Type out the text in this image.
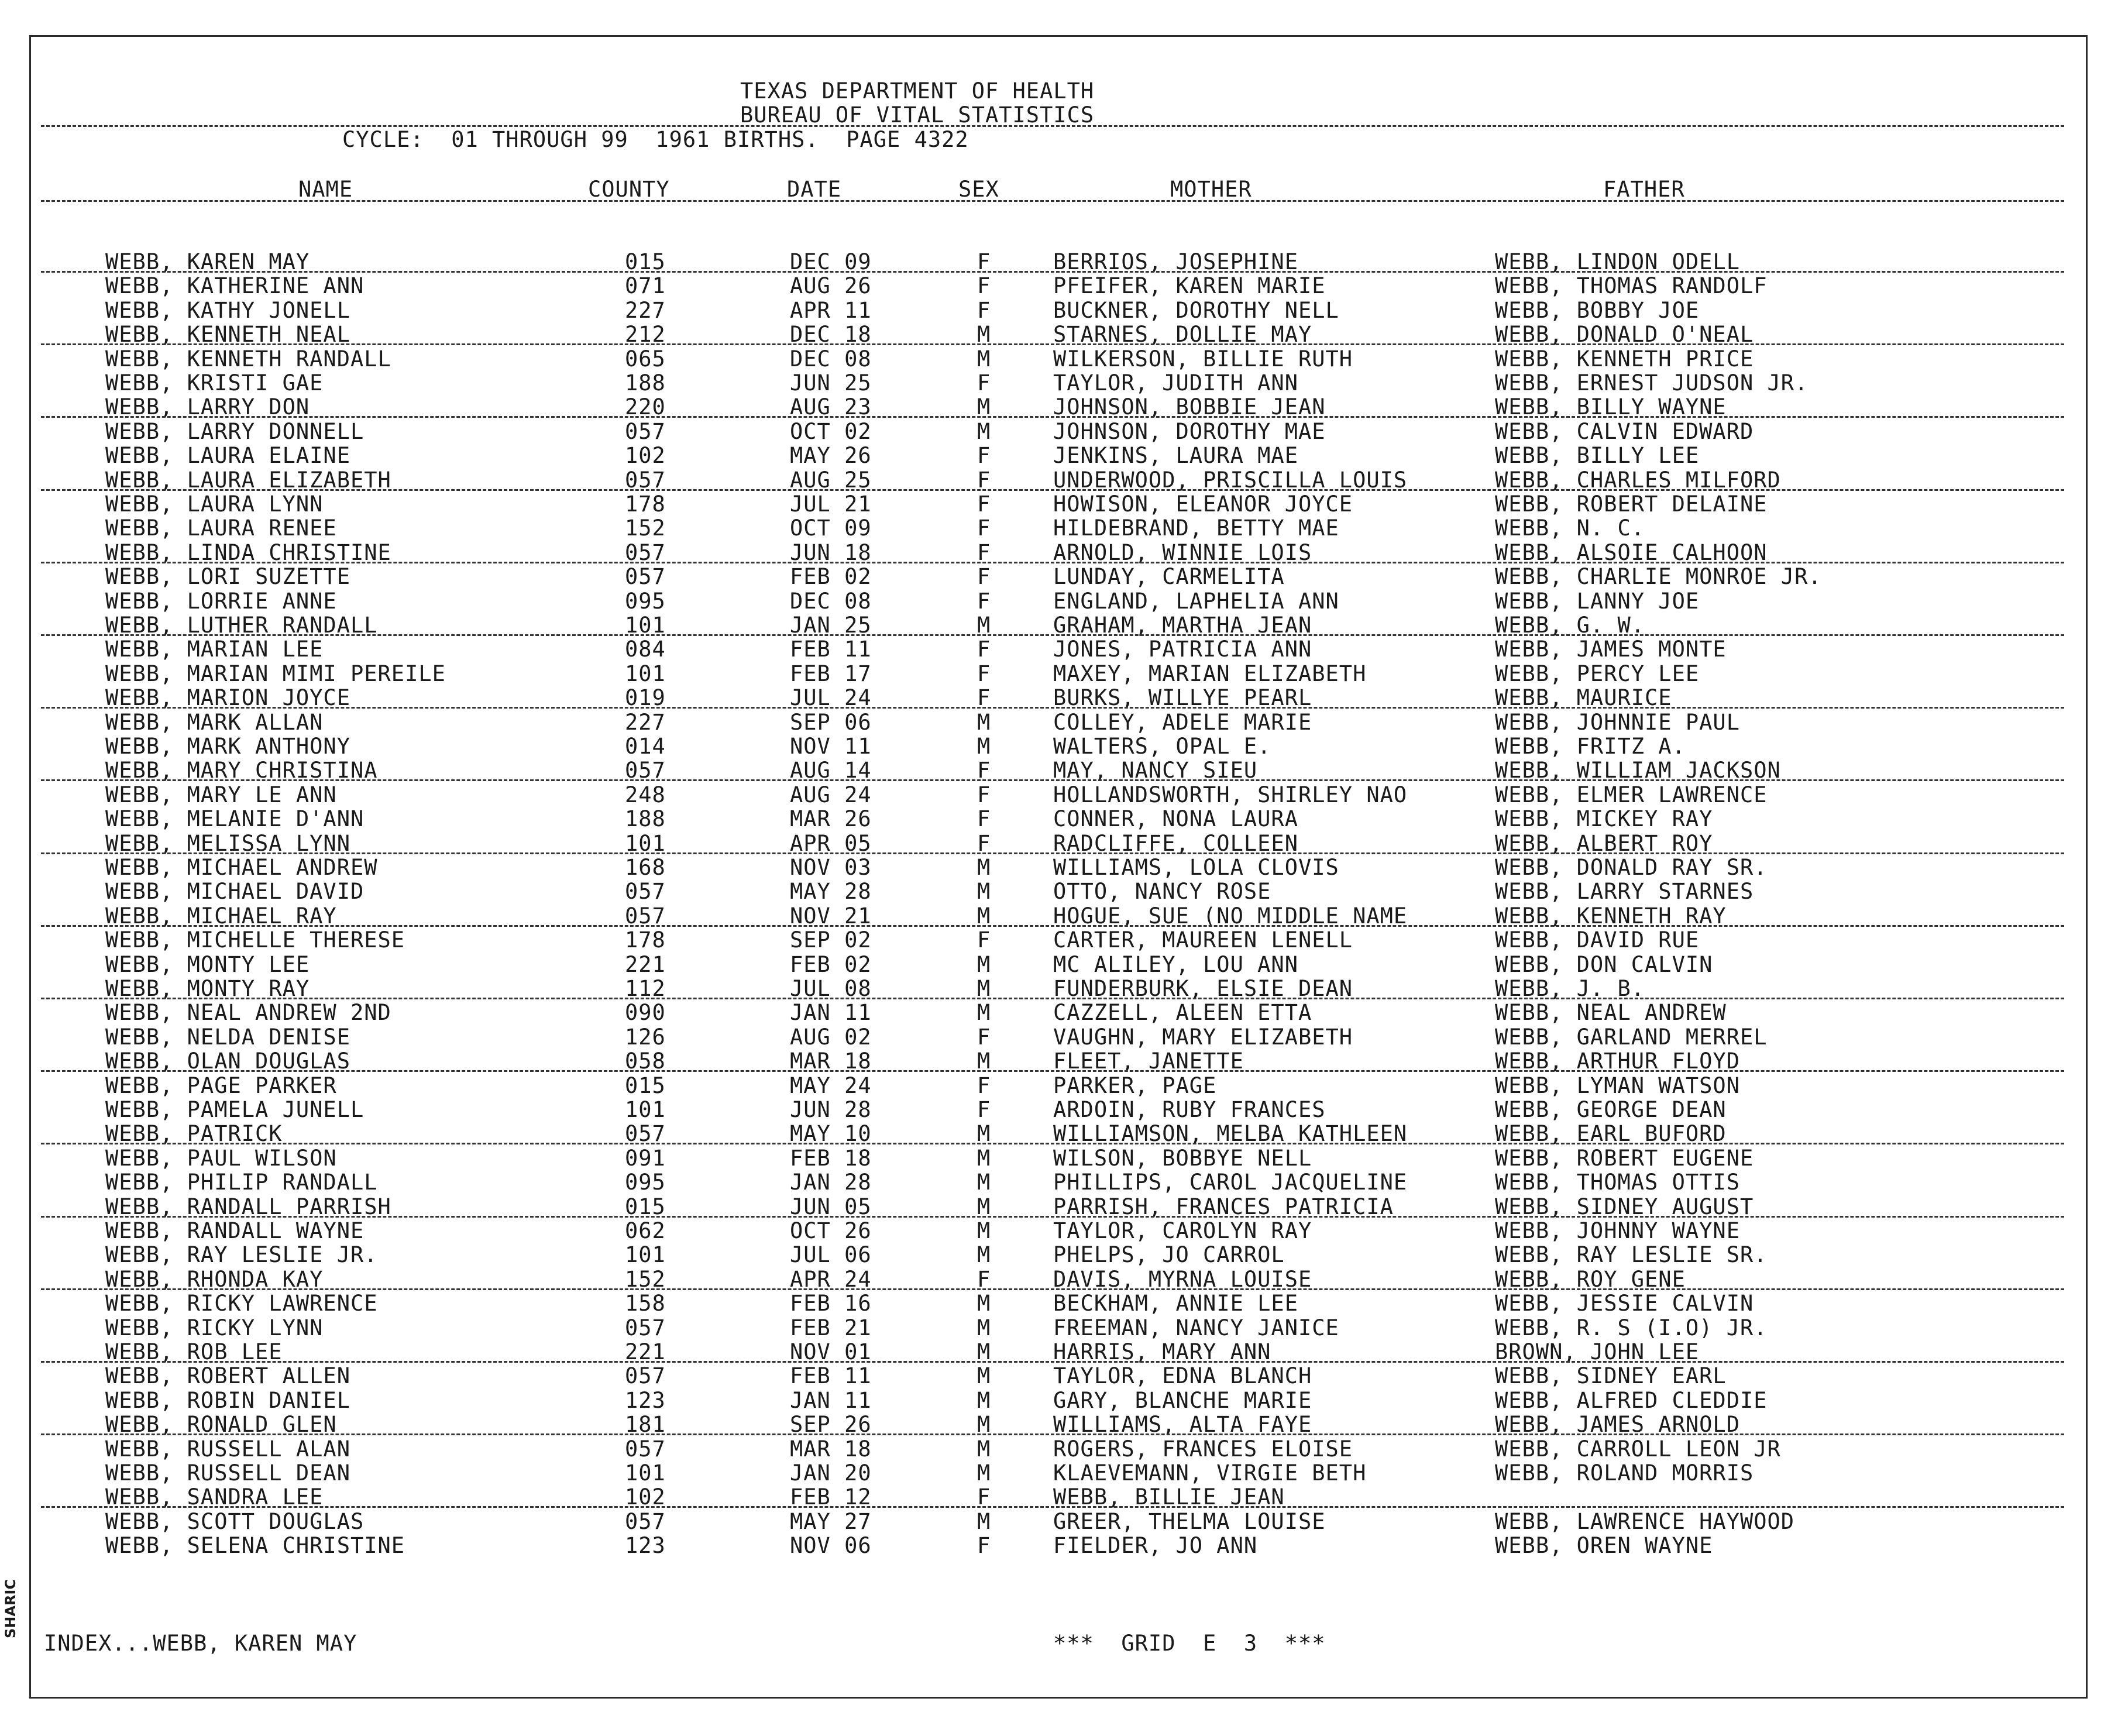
TEXAS DEPARTMENT OF HEALTH
BUREAU OF VITAL STATISTICS
CYCLE:  01 THROUGH 99  1961 BIRTHS.  PAGE 4322
NAME	COUNTY	DATE	SEX	MOTHER	FATHER
WEBB, KAREN MAY	015	DEC 09	F	BERRIOS, JOSEPHINE	WEBB, LINDON ODELL
WEBB, KATHERINE ANN	071	AUG 26	F	PFEIFER, KAREN MARIE	WEBB, THOMAS RANDOLF
WEBB, KATHY JONELL	227	APR 11	F	BUCKNER, DOROTHY NELL	WEBB, BOBBY JOE
WEBB, KENNETH NEAL	212	DEC 18	M	STARNES, DOLLIE MAY	WEBB, DONALD O'NEAL
WEBB, KENNETH RANDALL	065	DEC 08	M	WILKERSON, BILLIE RUTH	WEBB, KENNETH PRICE
WEBB, KRISTI GAE	188	JUN 25	F	TAYLOR, JUDITH ANN	WEBB, ERNEST JUDSON JR.
WEBB, LARRY DON	220	AUG 23	M	JOHNSON, BOBBIE JEAN	WEBB, BILLY WAYNE
WEBB, LARRY DONNELL	057	OCT 02	M	JOHNSON, DOROTHY MAE	WEBB, CALVIN EDWARD
WEBB, LAURA ELAINE	102	MAY 26	F	JENKINS, LAURA MAE	WEBB, BILLY LEE
WEBB, LAURA ELIZABETH	057	AUG 25	F	UNDERWOOD, PRISCILLA LOUIS	WEBB, CHARLES MILFORD
WEBB, LAURA LYNN	178	JUL 21	F	HOWISON, ELEANOR JOYCE	WEBB, ROBERT DELAINE
WEBB, LAURA RENEE	152	OCT 09	F	HILDEBRAND, BETTY MAE	WEBB, N. C.
WEBB, LINDA CHRISTINE	057	JUN 18	F	ARNOLD, WINNIE LOIS	WEBB, ALSOIE CALHOON
WEBB, LORI SUZETTE	057	FEB 02	F	LUNDAY, CARMELITA	WEBB, CHARLIE MONROE JR.
WEBB, LORRIE ANNE	095	DEC 08	F	ENGLAND, LAPHELIA ANN	WEBB, LANNY JOE
WEBB, LUTHER RANDALL	101	JAN 25	M	GRAHAM, MARTHA JEAN	WEBB, G. W.
WEBB, MARIAN LEE	084	FEB 11	F	JONES, PATRICIA ANN	WEBB, JAMES MONTE
WEBB, MARIAN MIMI PEREILE	101	FEB 17	F	MAXEY, MARIAN ELIZABETH	WEBB, PERCY LEE
WEBB, MARION JOYCE	019	JUL 24	F	BURKS, WILLYE PEARL	WEBB, MAURICE
WEBB, MARK ALLAN	227	SEP 06	M	COLLEY, ADELE MARIE	WEBB, JOHNNIE PAUL
WEBB, MARK ANTHONY	014	NOV 11	M	WALTERS, OPAL E.	WEBB, FRITZ A.
WEBB, MARY CHRISTINA	057	AUG 14	F	MAY, NANCY SIEU	WEBB, WILLIAM JACKSON
WEBB, MARY LE ANN	248	AUG 24	F	HOLLANDSWORTH, SHIRLEY NAO	WEBB, ELMER LAWRENCE
WEBB, MELANIE D'ANN	188	MAR 26	F	CONNER, NONA LAURA	WEBB, MICKEY RAY
WEBB, MELISSA LYNN	101	APR 05	F	RADCLIFFE, COLLEEN	WEBB, ALBERT ROY
WEBB, MICHAEL ANDREW	168	NOV 03	M	WILLIAMS, LOLA CLOVIS	WEBB, DONALD RAY SR.
WEBB, MICHAEL DAVID	057	MAY 28	M	OTTO, NANCY ROSE	WEBB, LARRY STARNES
WEBB, MICHAEL RAY	057	NOV 21	M	HOGUE, SUE (NO MIDDLE NAME	WEBB, KENNETH RAY
WEBB, MICHELLE THERESE	178	SEP 02	F	CARTER, MAUREEN LENELL	WEBB, DAVID RUE
WEBB, MONTY LEE	221	FEB 02	M	MC ALILEY, LOU ANN	WEBB, DON CALVIN
WEBB, MONTY RAY	112	JUL 08	M	FUNDERBURK, ELSIE DEAN	WEBB, J. B.
WEBB, NEAL ANDREW 2ND	090	JAN 11	M	CAZZELL, ALEEN ETTA	WEBB, NEAL ANDREW
WEBB, NELDA DENISE	126	AUG 02	F	VAUGHN, MARY ELIZABETH	WEBB, GARLAND MERREL
WEBB, OLAN DOUGLAS	058	MAR 18	M	FLEET, JANETTE	WEBB, ARTHUR FLOYD
WEBB, PAGE PARKER	015	MAY 24	F	PARKER, PAGE	WEBB, LYMAN WATSON
WEBB, PAMELA JUNELL	101	JUN 28	F	ARDOIN, RUBY FRANCES	WEBB, GEORGE DEAN
WEBB, PATRICK	057	MAY 10	M	WILLIAMSON, MELBA KATHLEEN	WEBB, EARL BUFORD
WEBB, PAUL WILSON	091	FEB 18	M	WILSON, BOBBYE NELL	WEBB, ROBERT EUGENE
WEBB, PHILIP RANDALL	095	JAN 28	M	PHILLIPS, CAROL JACQUELINE	WEBB, THOMAS OTTIS
WEBB, RANDALL PARRISH	015	JUN 05	M	PARRISH, FRANCES PATRICIA	WEBB, SIDNEY AUGUST
WEBB, RANDALL WAYNE	062	OCT 26	M	TAYLOR, CAROLYN RAY	WEBB, JOHNNY WAYNE
WEBB, RAY LESLIE JR.	101	JUL 06	M	PHELPS, JO CARROL	WEBB, RAY LESLIE SR.
WEBB, RHONDA KAY	152	APR 24	F	DAVIS, MYRNA LOUISE	WEBB, ROY GENE
WEBB, RICKY LAWRENCE	158	FEB 16	M	BECKHAM, ANNIE LEE	WEBB, JESSIE CALVIN
WEBB, RICKY LYNN	057	FEB 21	M	FREEMAN, NANCY JANICE	WEBB, R. S (I.O) JR.
WEBB, ROB LEE	221	NOV 01	M	HARRIS, MARY ANN	BROWN, JOHN LEE
WEBB, ROBERT ALLEN	057	FEB 11	M	TAYLOR, EDNA BLANCH	WEBB, SIDNEY EARL
WEBB, ROBIN DANIEL	123	JAN 11	M	GARY, BLANCHE MARIE	WEBB, ALFRED CLEDDIE
WEBB, RONALD GLEN	181	SEP 26	M	WILLIAMS, ALTA FAYE	WEBB, JAMES ARNOLD
WEBB, RUSSELL ALAN	057	MAR 18	M	ROGERS, FRANCES ELOISE	WEBB, CARROLL LEON JR
WEBB, RUSSELL DEAN	101	JAN 20	M	KLAEVEMANN, VIRGIE BETH	WEBB, ROLAND MORRIS
WEBB, SANDRA LEE	102	FEB 12	F	WEBB, BILLIE JEAN
WEBB, SCOTT DOUGLAS	057	MAY 27	M	GREER, THELMA LOUISE	WEBB, LAWRENCE HAYWOOD
WEBB, SELENA CHRISTINE	123	NOV 06	F	FIELDER, JO ANN	WEBB, OREN WAYNE
INDEX...WEBB, KAREN MAY	***  GRID  E  3  ***
SHARIC
